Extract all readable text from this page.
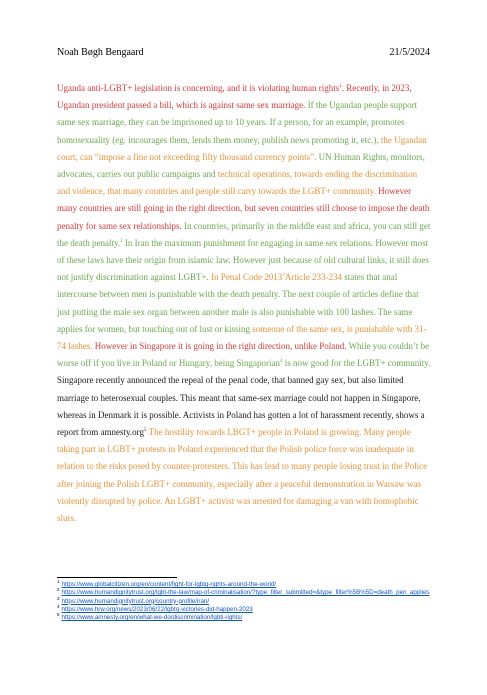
Noah Bøgh Bengaard	21/5/2024

Uganda anti-LGBT+ legislation is concerning, and it is violating human rights$^1$. Recently, in 2023, Ugandan president passed a bill, which is against same sex marriage. If the Ugandan people support same sex marriage, they can be imprisoned up to 10 years. If a person, for an example, promotes homosexuality (eg. incourages them, lends them money, publish news promoting it, etc.), the Ugandan court, can “impose a fine not exceeding fifty thousand currency points”. UN Human Rights, monitors, advocates, carries out public campaigns and technical operations, towards ending the discrimination and violence, that many countries and people still carry towards the LGBT+ community. However many countries are still going in the right direction, but seven countries still choose to impose the death penalty for same sex relationships. In countries, primarily in the middle east and africa, you can still get the death penalty.$^2$ In Iran the maximum punishment for engaging in same sex relations. However most of these laws have their origin from islamic law. However just because of old cultural links, it still does not justify discrimination against LGBT+. In Penal Code 2013$^3$Article 233-234 states that anal intercourse between men is punishable with the death penalty. The next couple of articles define that just putting the male sex organ between another male is also punishable with 100 lashes. The same applies for women, but touching out of lust or kissing someone of the same sex, is punishable with 31-74 lashes. However in Singapore it is going in the right direction, unlike Poland. While you couldn’t be worse off if you live in Poland or Hungary, being Singaporian$^4$ is now good for the LGBT+ community. Singapore recently announced the repeal of the penal code, that banned gay sex, but also limited marriage to heterosexual couples. This meant that same-sex marriage could not happen in Singapore, whereas in Denmark it is possible. Activists in Poland has gotten a lot of harassment recently, shows a report from amnesty.org$^5$ The hostility towards LBGT+ people in Poland is growing. Many people taking part in LGBT+ protests in Poland experienced that the Polish police force was inadequate in relation to the risks posed by counter-protesters. This has lead to many people losing trust in the Police after joining the Polish LGBT+ community, especially after a peaceful demonstration in Warsaw was violently disrupted by police. An LGBT+ activist was arrested for damaging a van with homophobic slurs.

$^1$ https://www.globalcitizen.org/en/content/fight-for-lgbtq-rights-around-the-world/
$^2$ https://www.humandignitytrust.org/lgbt-the-law/map-of-criminalisation/?type_filter_submitted=&type_filter%5B%5D=death_pen_applies
$^3$ https://www.humandignitytrust.org/country-profile/iran/
$^4$ https://www.hrw.org/news/2023/06/22/lgbtq-victories-did-happen-2023
$^5$ https://www.amnesty.org/en/what-we-do/discrimination/lgbti-rights/
